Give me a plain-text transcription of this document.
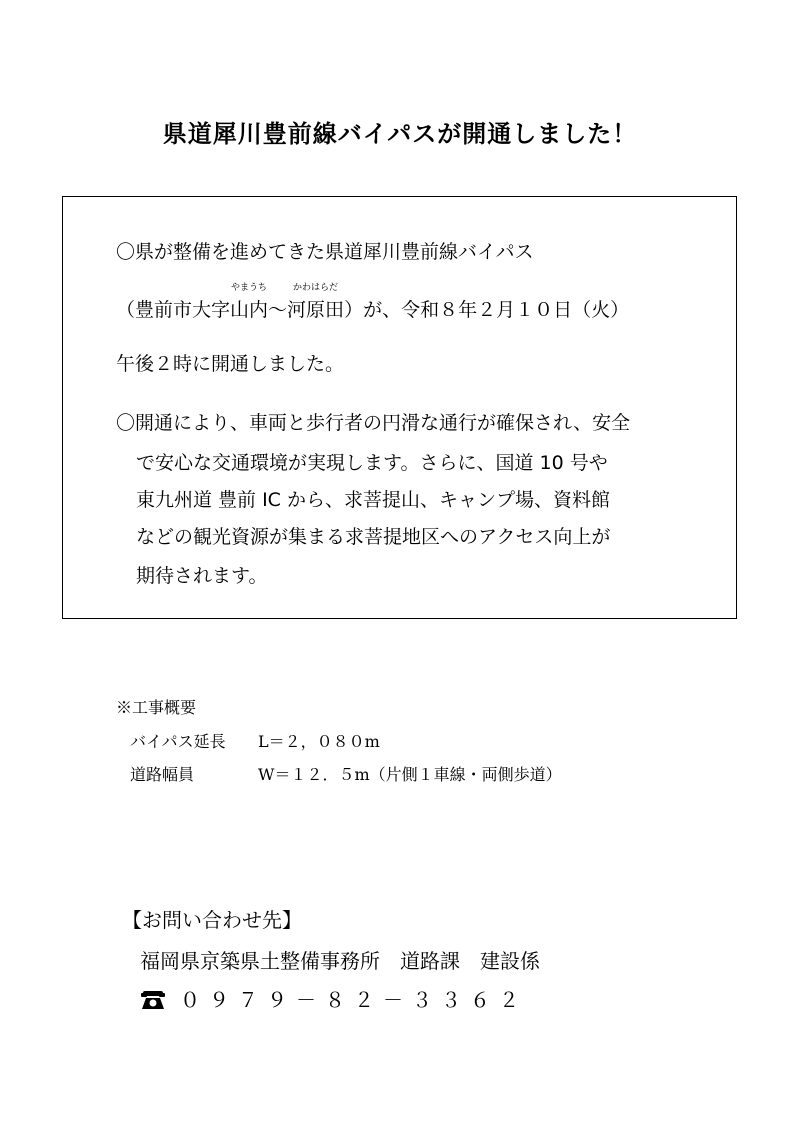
県道犀川豊前線バイパスが開通しました！
〇県が整備を進めてきた県道犀川豊前線バイパス
（豊前市大字
やまうち
山内～
かわはらだ
河原田）が、令和８年２月１０日（火）
午後２時に開通しました。
〇開通により、車両と歩行者の円滑な通行が確保され、安全
で安心な交通環境が実現します。さらに、国道 10 号や
東九州道 豊前 IC から、求菩提山、キャンプ場、資料館
などの観光資源が集まる求菩提地区へのアクセス向上が
期待されます。
※工事概要
バイパス延長 L＝２，０８０m
道路幅員	W＝１２．５m（片側１車線・両側歩道）
【お問い合わせ先】
福岡県京築県土整備事務所　道路課　建設係
０９７９－８２－３３６２
